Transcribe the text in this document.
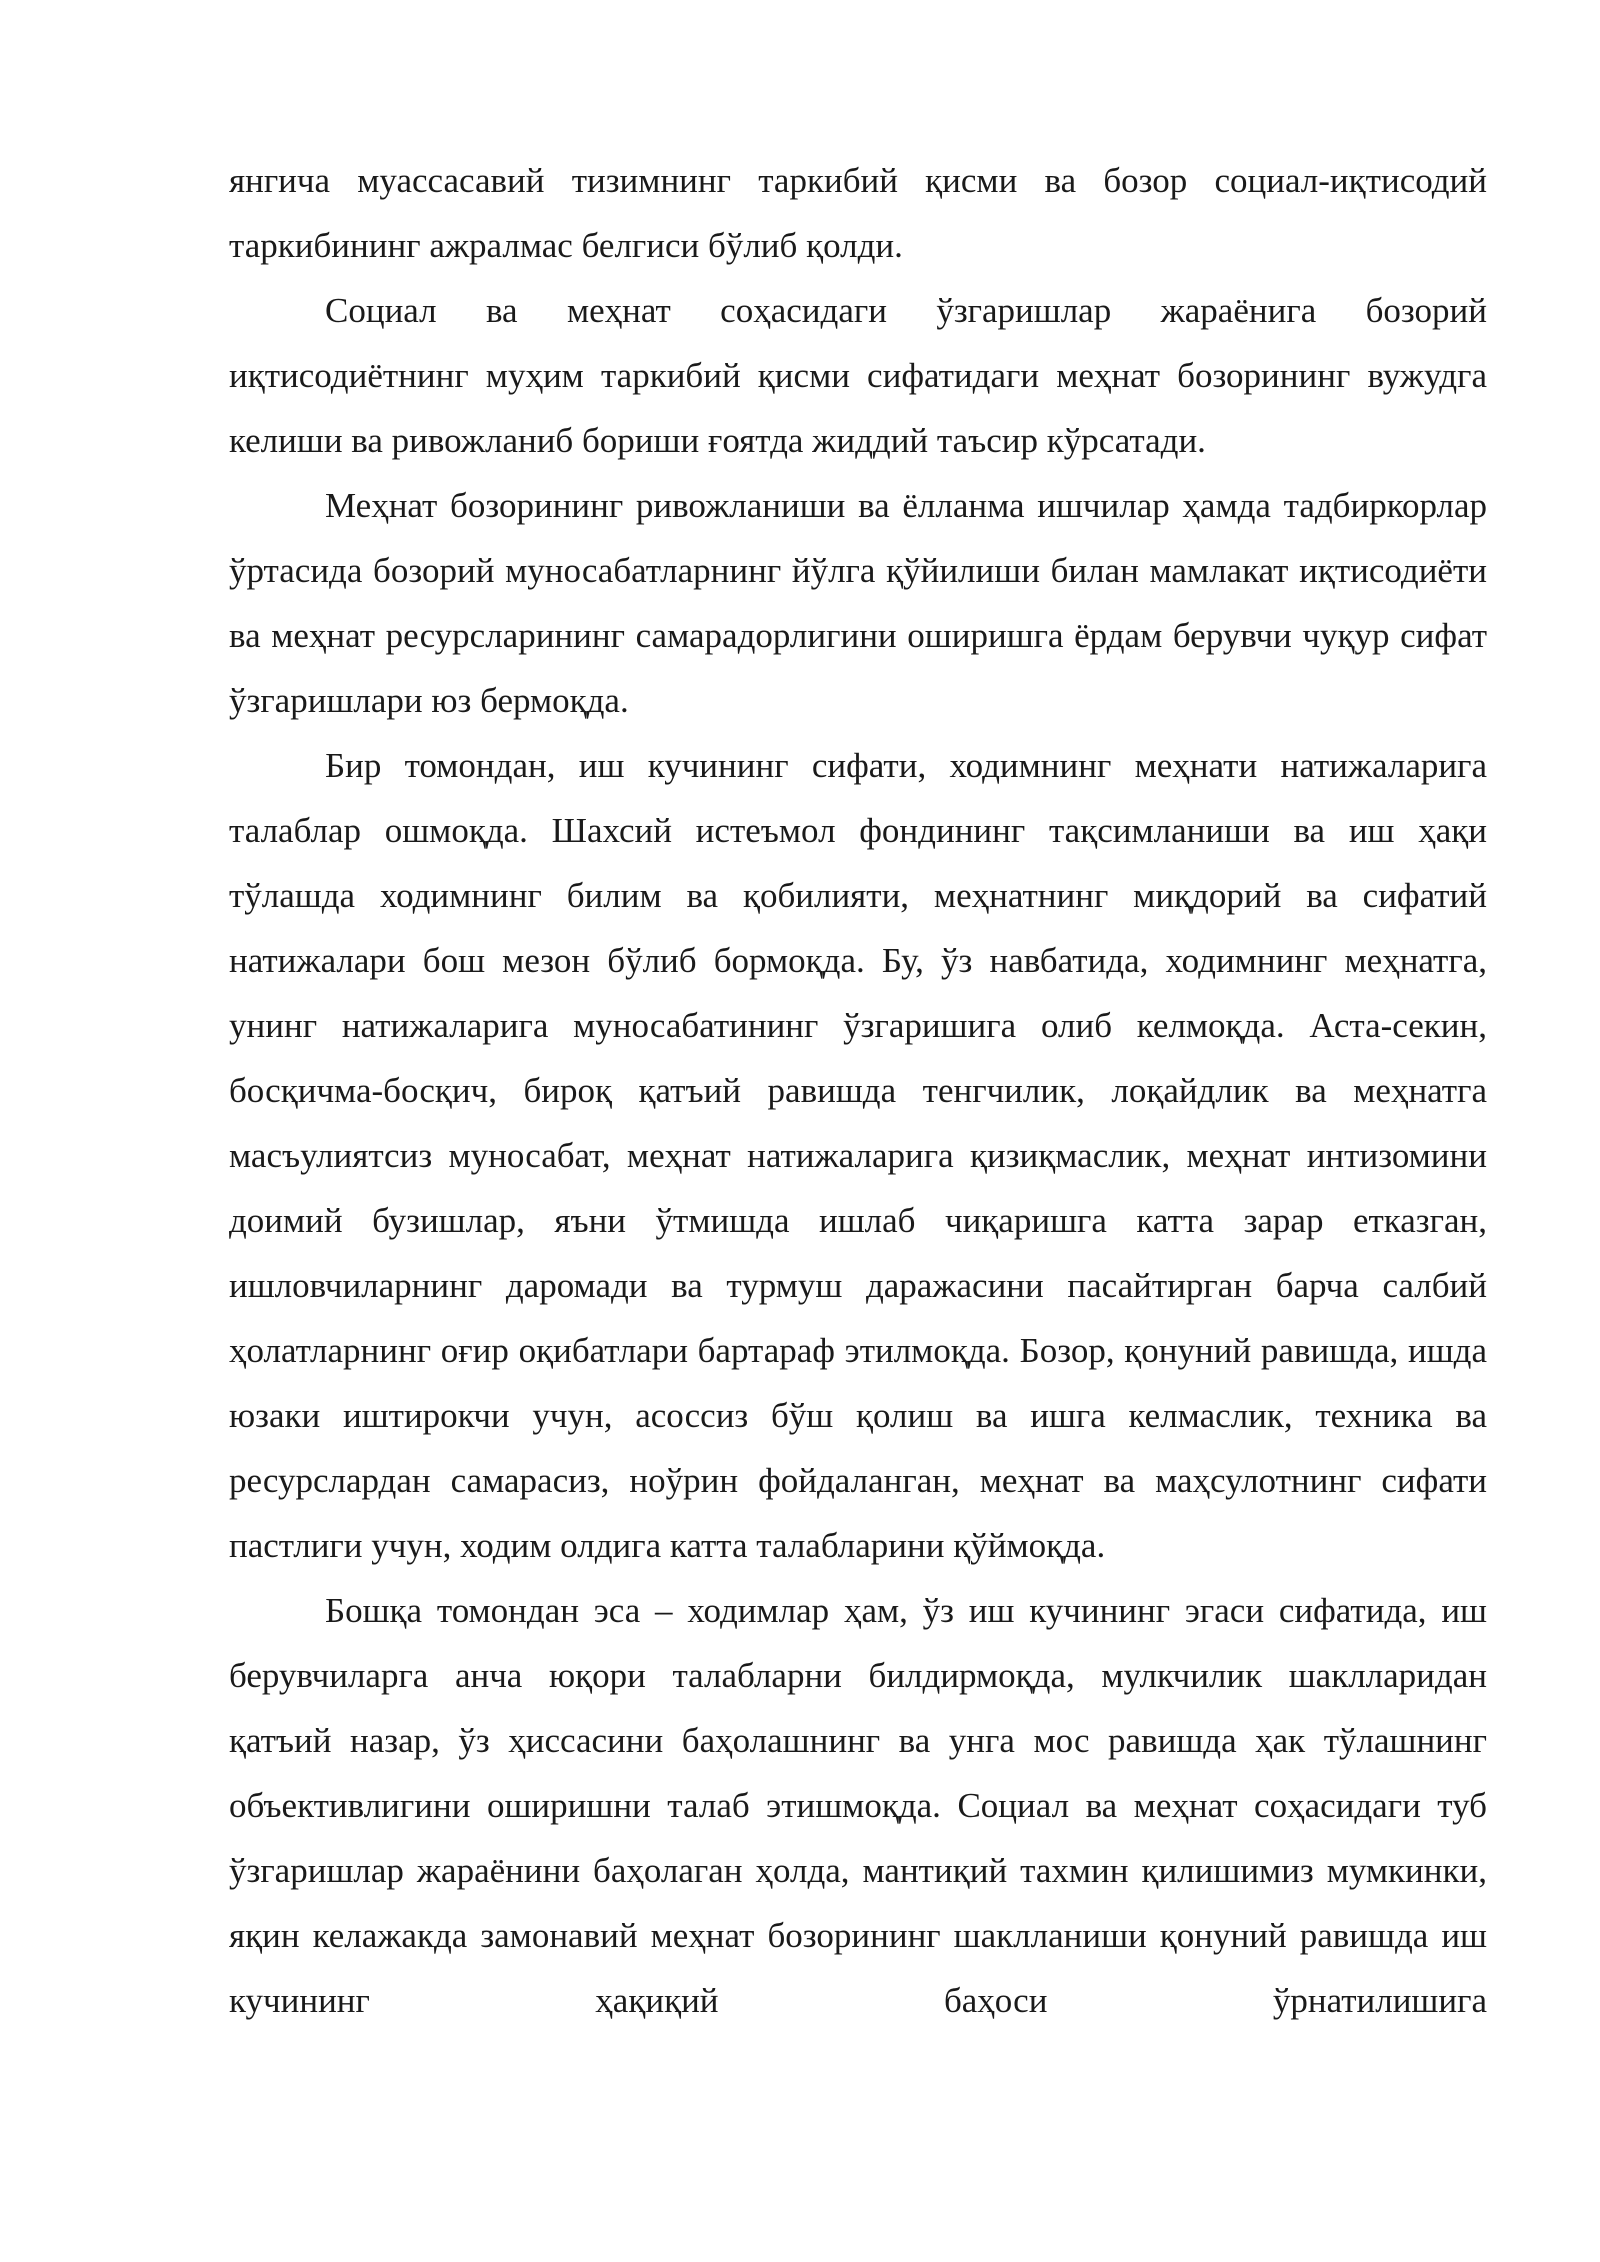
янгича муассасавий тизимнинг таркибий қисми ва бозор социал-иқтисодий таркибининг ажралмас белгиси бўлиб қолди.

Социал ва меҳнат соҳасидаги ўзгаришлар жараёнига бозорий иқтисодиётнинг муҳим таркибий қисми сифатидаги меҳнат бозорининг вужудга келиши ва ривожланиб бориши ғоятда жиддий таъсир кўрсатади.

Меҳнат бозорининг ривожланиши ва ёлланма ишчилар ҳамда тадбиркорлар ўртасида бозорий муносабатларнинг йўлга қўйилиши билан мамлакат иқтисодиёти ва меҳнат ресурсларининг самарадорлигини оширишга ёрдам берувчи чуқур сифат ўзгаришлари юз бермоқда.

Бир томондан, иш кучининг сифати, ходимнинг меҳнати натижаларига талаблар ошмоқда. Шахсий истеъмол фондининг тақсимланиши ва иш ҳақи тўлашда ходимнинг билим ва қобилияти, меҳнатнинг миқдорий ва сифатий натижалари бош мезон бўлиб бормоқда. Бу, ўз навбатида, ходимнинг меҳнатга, унинг натижаларига муносабатининг ўзгаришига олиб келмоқда. Аста-секин, босқичма-босқич, бироқ қатъий равишда тенгчилик, лоқайдлик ва меҳнатга масъулиятсиз муносабат, меҳнат натижаларига қизиқмаслик, меҳнат интизомини доимий бузишлар, яъни ўтмишда ишлаб чиқаришга катта зарар етказган, ишловчиларнинг даромади ва турмуш даражасини пасайтирган барча салбий ҳолатларнинг оғир оқибатлари бартараф этилмоқда. Бозор, қонуний равишда, ишда юзаки иштирокчи учун, асоссиз бўш қолиш ва ишга келмаслик, техника ва ресурслардан самарасиз, ноўрин фойдаланган, меҳнат ва маҳсулотнинг сифати пастлиги учун, ходим олдига катта талабларини қўймоқда.

Бошқа томондан эса – ходимлар ҳам, ўз иш кучининг эгаси сифатида, иш берувчиларга анча юқори талабларни билдирмоқда, мулкчилик шаклларидан қатъий назар, ўз ҳиссасини баҳолашнинг ва унга мос равишда ҳак тўлашнинг объективлигини оширишни талаб этишмоқда. Социал ва меҳнат соҳасидаги туб ўзгаришлар жараёнини баҳолаган ҳолда, мантиқий тахмин қилишимиз мумкинки, яқин келажакда замонавий меҳнат бозорининг шаклланиши қонуний равишда иш кучининг ҳақиқий баҳоси ўрнатилишига
